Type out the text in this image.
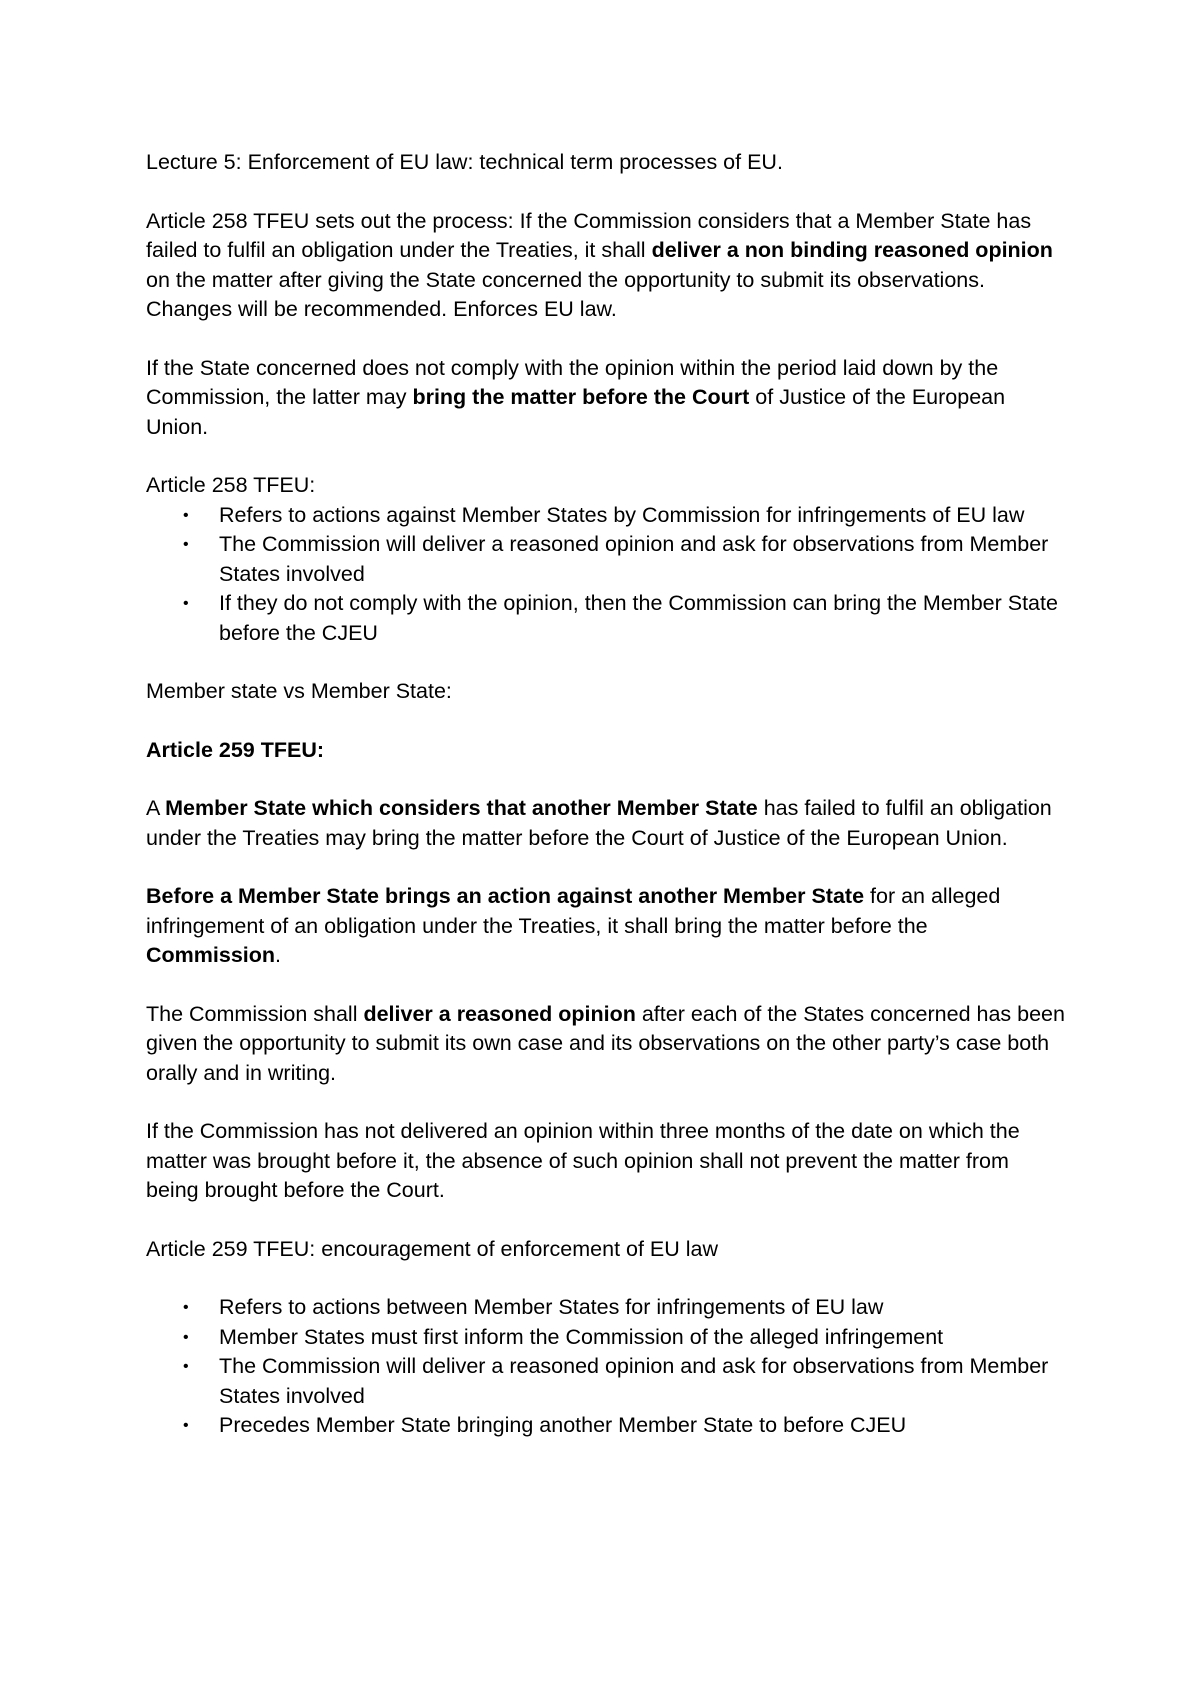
Lecture 5: Enforcement of EU law: technical term processes of EU.

Article 258 TFEU sets out the process: If the Commission considers that a Member State has failed to fulfil an obligation under the Treaties, it shall deliver a non binding reasoned opinion on the matter after giving the State concerned the opportunity to submit its observations. Changes will be recommended. Enforces EU law.

If the State concerned does not comply with the opinion within the period laid down by the Commission, the latter may bring the matter before the Court of Justice of the European Union.

Article 258 TFEU:

• Refers to actions against Member States by Commission for infringements of EU law
• The Commission will deliver a reasoned opinion and ask for observations from Member States involved
• If they do not comply with the opinion, then the Commission can bring the Member State before the CJEU

Member state vs Member State:

Article 259 TFEU:

A Member State which considers that another Member State has failed to fulfil an obligation under the Treaties may bring the matter before the Court of Justice of the European Union.

Before a Member State brings an action against another Member State for an alleged infringement of an obligation under the Treaties, it shall bring the matter before the Commission.

The Commission shall deliver a reasoned opinion after each of the States concerned has been given the opportunity to submit its own case and its observations on the other party’s case both orally and in writing.

If the Commission has not delivered an opinion within three months of the date on which the matter was brought before it, the absence of such opinion shall not prevent the matter from being brought before the Court.

Article 259 TFEU: encouragement of enforcement of EU law

• Refers to actions between Member States for infringements of EU law
• Member States must first inform the Commission of the alleged infringement
• The Commission will deliver a reasoned opinion and ask for observations from Member States involved
• Precedes Member State bringing another Member State to before CJEU
